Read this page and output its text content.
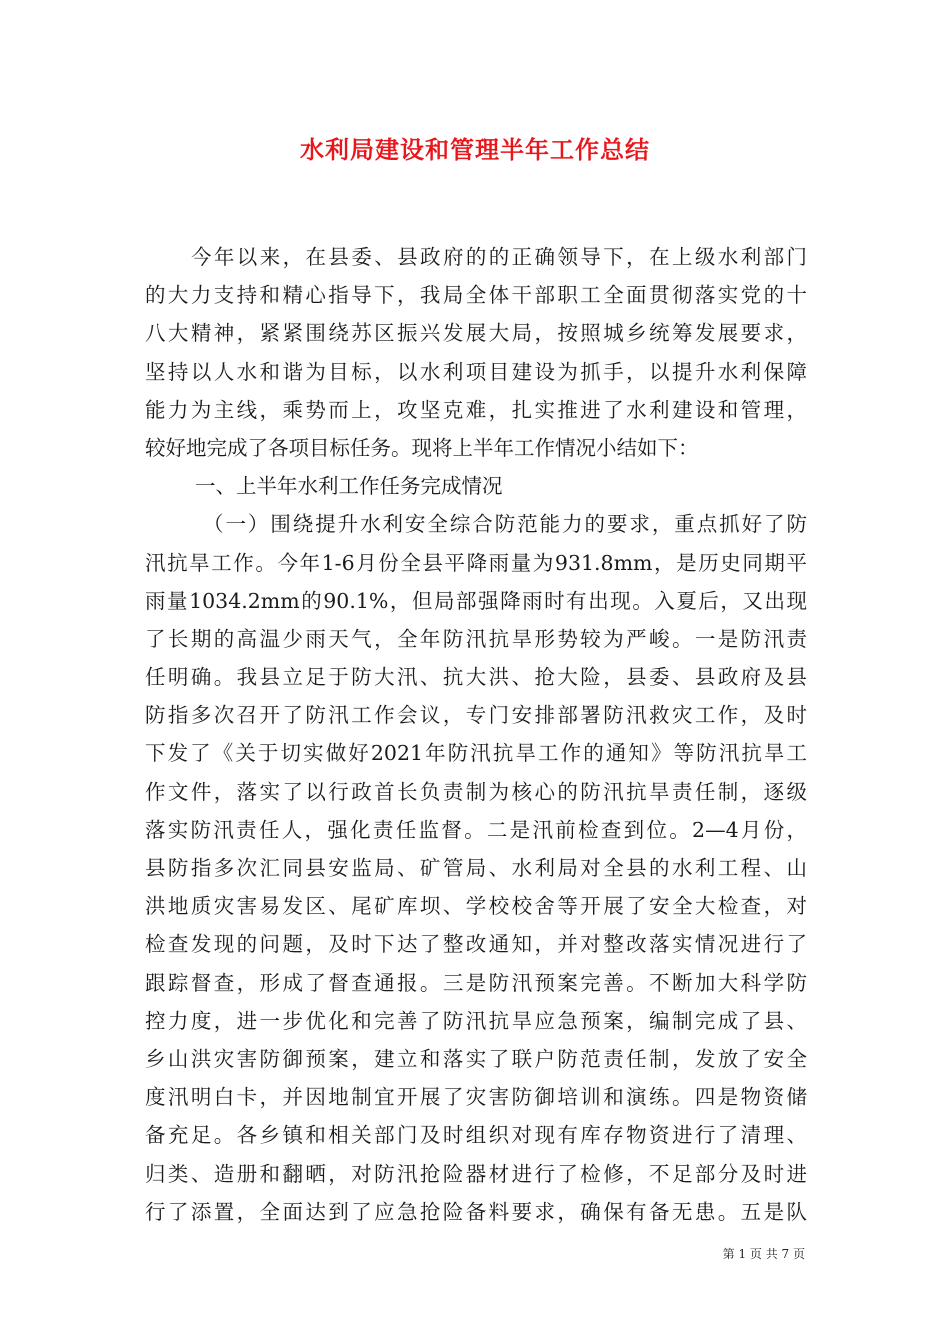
水利局建设和管理半年工作总结
今年以来，在县委、县政府的的正确领导下，在上级水利部门
的大力支持和精心指导下，我局全体干部职工全面贯彻落实党的十
八大精神，紧紧围绕苏区振兴发展大局，按照城乡统筹发展要求，
坚持以人水和谐为目标，以水利项目建设为抓手，以提升水利保障
能力为主线，乘势而上，攻坚克难，扎实推进了水利建设和管理，
较好地完成了各项目标任务。现将上半年工作情况小结如下：
一、上半年水利工作任务完成情况
（一）围绕提升水利安全综合防范能力的要求，重点抓好了防
汛抗旱工作。今年1-6月份全县平降雨量为931.8mm，是历史同期平
雨量1034.2mm的90.1%，但局部强降雨时有出现。入夏后，又出现
了长期的高温少雨天气，全年防汛抗旱形势较为严峻。一是防汛责
任明确。我县立足于防大汛、抗大洪、抢大险，县委、县政府及县
防指多次召开了防汛工作会议，专门安排部署防汛救灾工作，及时
下发了《关于切实做好2021年防汛抗旱工作的通知》等防汛抗旱工
作文件，落实了以行政首长负责制为核心的防汛抗旱责任制，逐级
落实防汛责任人，强化责任监督。二是汛前检查到位。2—4月份，
县防指多次汇同县安监局、矿管局、水利局对全县的水利工程、山
洪地质灾害易发区、尾矿库坝、学校校舍等开展了安全大检查，对
检查发现的问题，及时下达了整改通知，并对整改落实情况进行了
跟踪督查，形成了督查通报。三是防汛预案完善。不断加大科学防
控力度，进一步优化和完善了防汛抗旱应急预案，编制完成了县、
乡山洪灾害防御预案，建立和落实了联户防范责任制，发放了安全
度汛明白卡，并因地制宜开展了灾害防御培训和演练。四是物资储
备充足。各乡镇和相关部门及时组织对现有库存物资进行了清理、
归类、造册和翻晒，对防汛抢险器材进行了检修，不足部分及时进
行了添置，全面达到了应急抢险备料要求，确保有备无患。五是队
第 1 页 共 7 页
